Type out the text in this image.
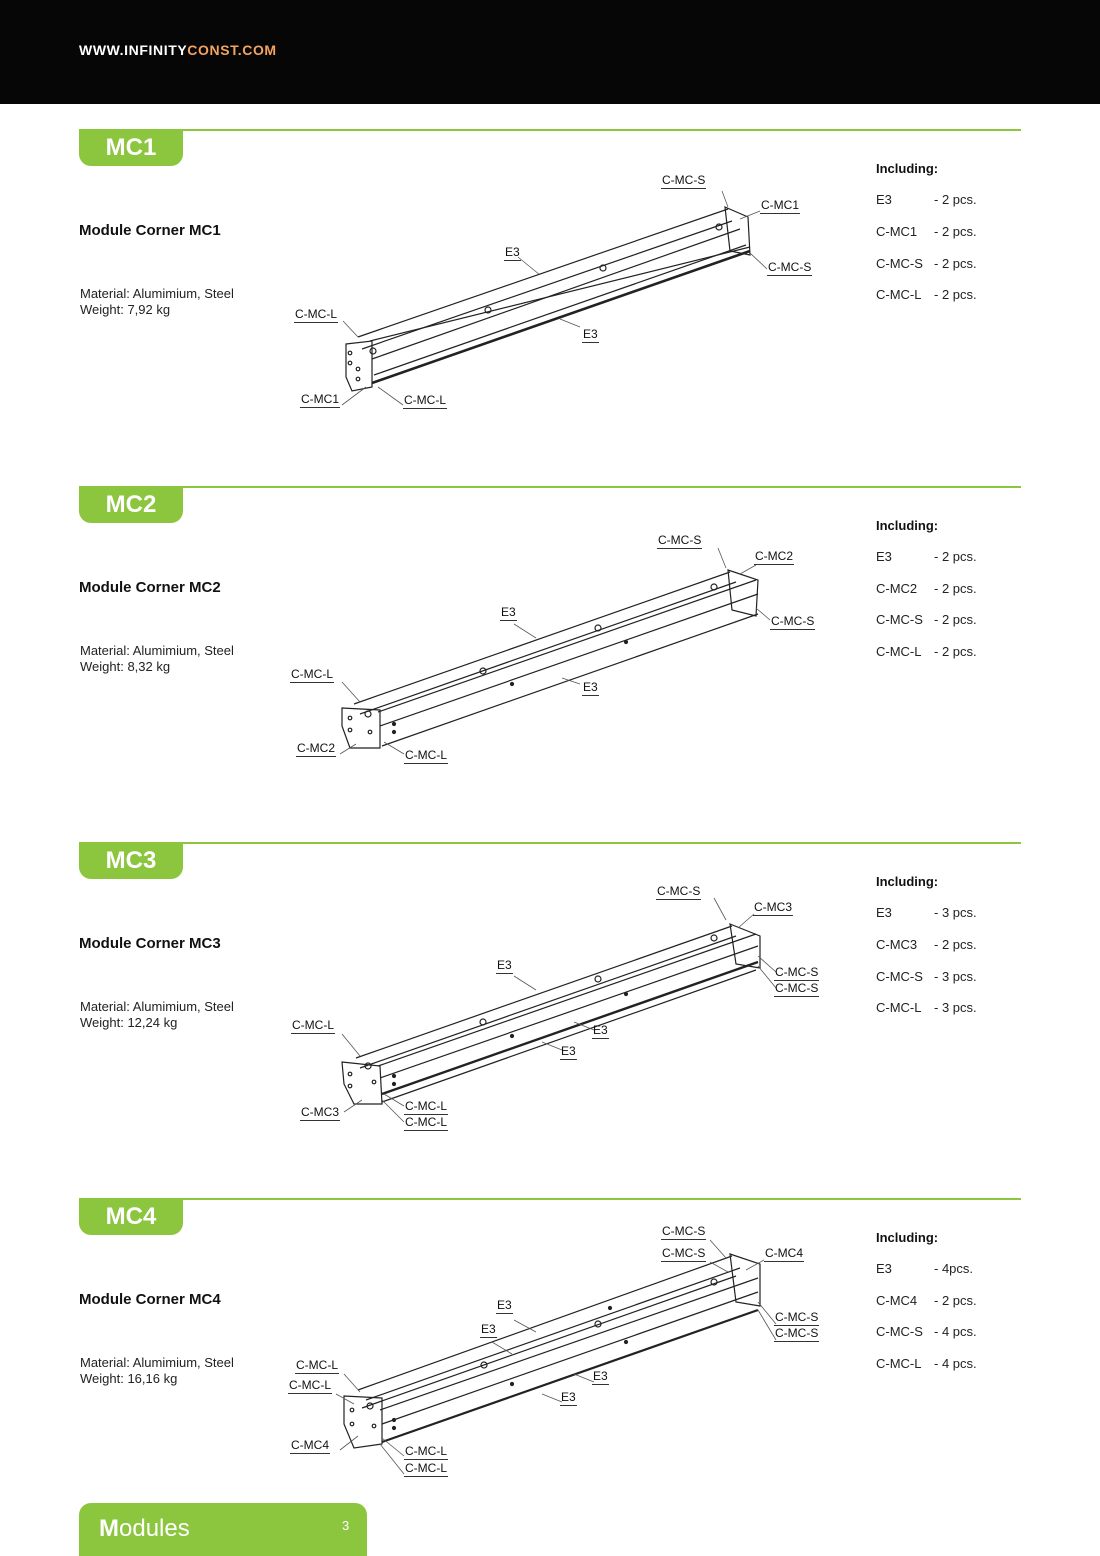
WWW.INFINITYCONST.COM
MC1
Module Corner MC1
Material: Alumimium, Steel
Weight: 7,92 kg
Including:
E3	- 2 pcs.
C-MC1 - 2 pcs.
C-MC-S - 2 pcs.
C-MC-L - 2 pcs.
C-MC-S
C-MC1
E3
C-MC-S
C-MC-L
E3
C-MC1	C-MC-L
MC2
Module Corner MC2
Material: Alumimium, Steel
Weight: 8,32 kg
Including:
E3	- 2 pcs.
C-MC2 - 2 pcs.
C-MC-S - 2 pcs.
C-MC-L - 2 pcs.
C-MC-S
C-MC2
E3
C-MC-S
C-MC-L
E3
C-MC2	C-MC-L
MC3
Module Corner MC3
Material: Alumimium, Steel
Weight: 12,24 kg
Including:
E3	- 3 pcs.
C-MC3 - 2 pcs.
C-MC-S - 3 pcs.
C-MC-L - 3 pcs.
C-MC-S
C-MC3
E3	C-MC-S
C-MC-S
C-MC-L	E3
E3
C-MC3	C-MC-L
C-MC-L
MC4
Module Corner MC4
Material: Alumimium, Steel
Weight: 16,16 kg
Including:
E3	- 4pcs.
C-MC4 - 2 pcs.
C-MC-S - 4 pcs.
C-MC-L - 4 pcs.
C-MC-S
C-MC-S	C-MC4
E3
E3
C-MC-S
C-MC-S
C-MC-L
C-MC-L
E3
E3
C-MC4	C-MC-L
C-MC-L
Modules	3
